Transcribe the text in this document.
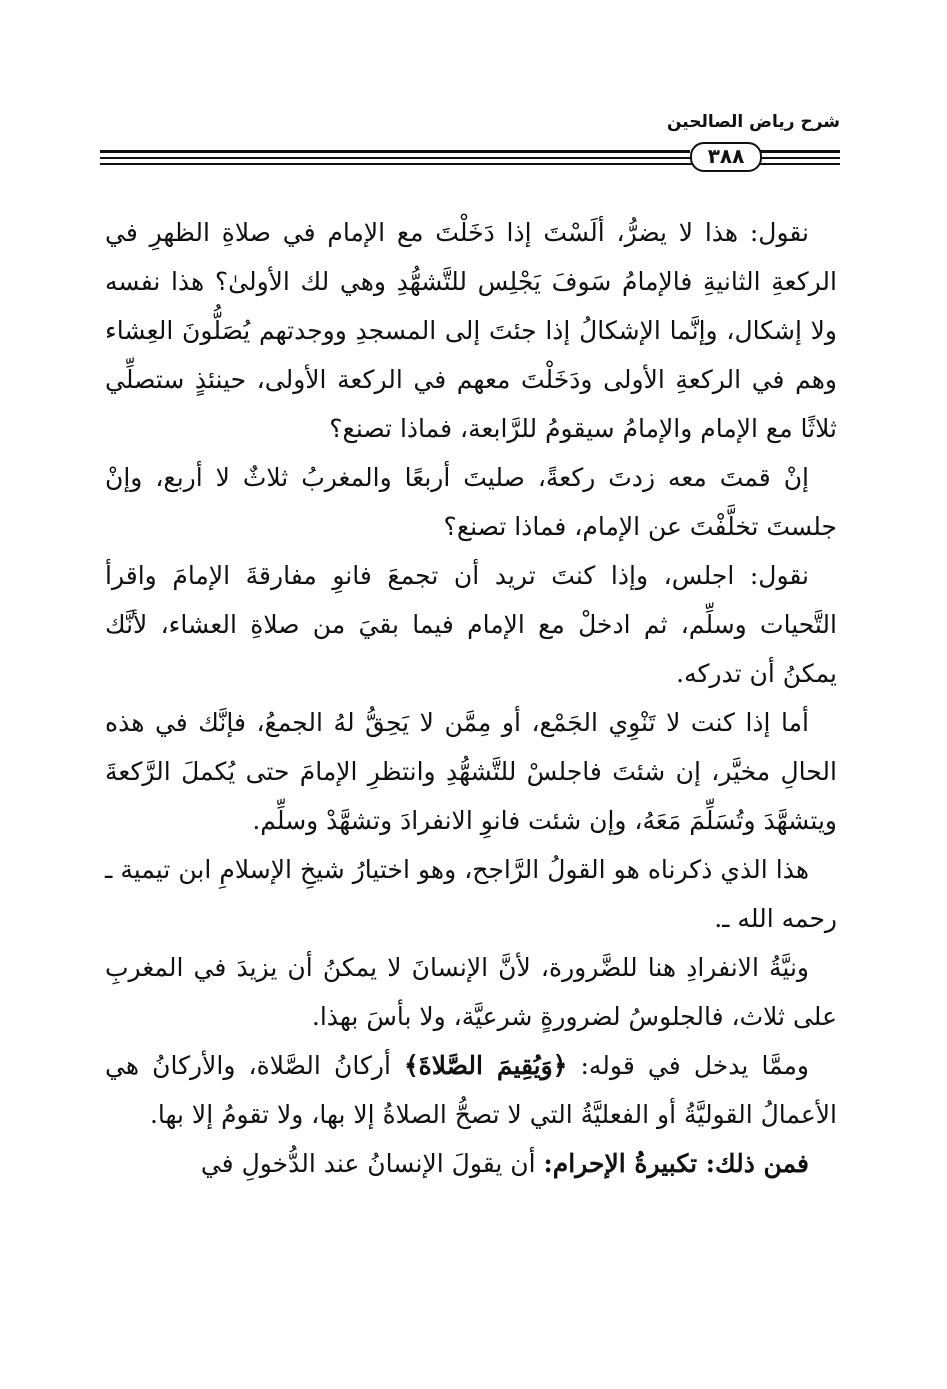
شرح رياض الصالحين
٣٨٨

نقول: هذا لا يضرُّ، ألَسْتَ إذا دَخَلْتَ مع الإمام في صلاةِ الظهرِ في الركعةِ الثانيةِ فالإمامُ سَوفَ يَجْلِس للتَّشهُّدِ وهي لك الأولىٰ؟ هذا نفسه ولا إشكال، وإنَّما الإشكالُ إذا جئتَ إلى المسجدِ ووجدتهم يُصَلُّونَ العِشاء وهم في الركعةِ الأولى ودَخَلْتَ معهم في الركعة الأولى، حينئذٍ ستصلِّي ثلاثًا مع الإمام والإمامُ سيقومُ للرَّابعة، فماذا تصنع؟

إنْ قمتَ معه زدتَ ركعةً، صليتَ أربعًا والمغربُ ثلاثٌ لا أربع، وإنْ جلستَ تخلَّفْتَ عن الإمام، فماذا تصنع؟

نقول: اجلس، وإذا كنتَ تريد أن تجمعَ فانوِ مفارقةَ الإمامَ واقرأ التَّحيات وسلِّم، ثم ادخلْ مع الإمام فيما بقيَ من صلاةِ العشاء، لأنَّك يمكنُ أن تدركه.

أما إذا كنت لا تَنْوِي الجَمْع، أو مِمَّن لا يَحِقُّ لهُ الجمعُ، فإنَّك في هذه الحالِ مخيَّر، إن شئتَ فاجلسْ للتَّشهُّدِ وانتظرِ الإمامَ حتى يُكملَ الرَّكعةَ ويتشهَّدَ وتُسَلِّمَ مَعَهُ، وإن شئت فانوِ الانفرادَ وتشهَّدْ وسلِّم.

هذا الذي ذكرناه هو القولُ الرَّاجح، وهو اختيارُ شيخِ الإسلامِ ابن تيمية ـ رحمه الله ـ.

ونيَّةُ الانفرادِ هنا للضَّرورة، لأنَّ الإنسانَ لا يمكنُ أن يزيدَ في المغربِ على ثلاث، فالجلوسُ لضرورةٍ شرعيَّة، ولا بأسَ بهذا.

وممَّا يدخل في قوله: ﴿وَيُقِيمَ الصَّلاةَ﴾ أركانُ الصَّلاة، والأركانُ هي الأعمالُ القوليَّةُ أو الفعليَّةُ التي لا تصحُّ الصلاةُ إلا بها، ولا تقومُ إلا بها.

فمن ذلك: تكبيرةُ الإحرام: أن يقولَ الإنسانُ عند الدُّخولِ في
